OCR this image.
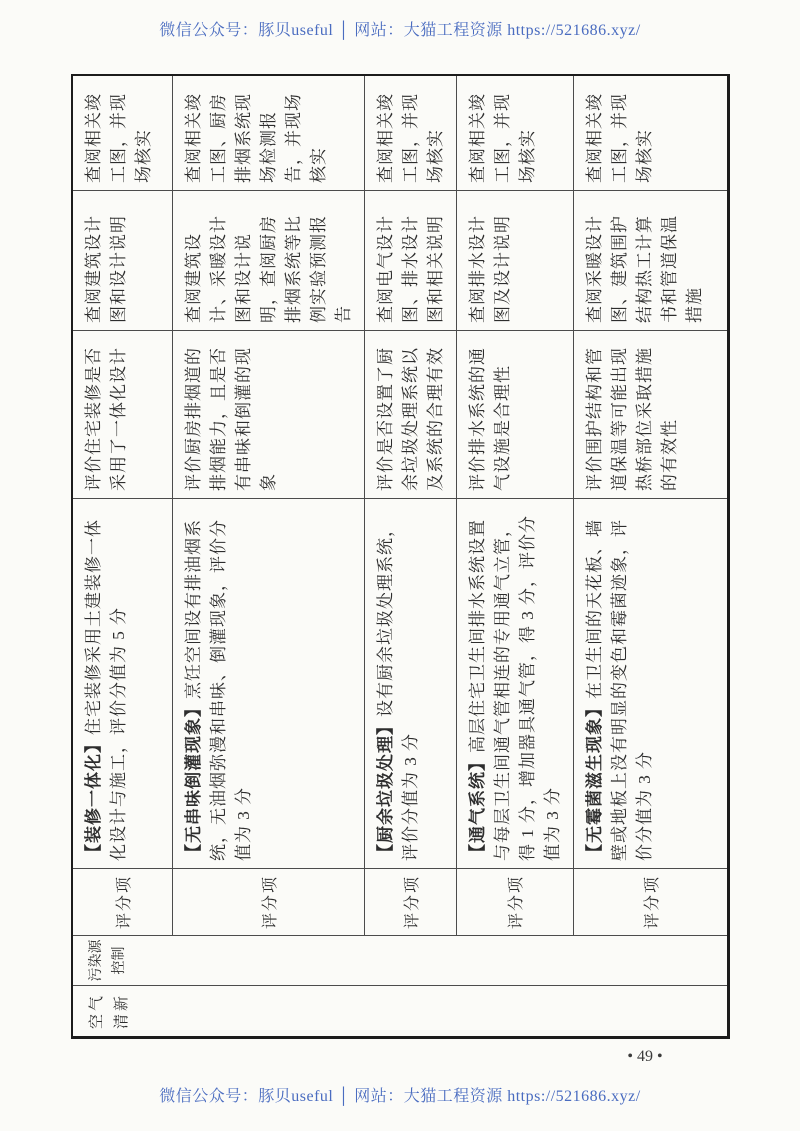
微信公众号：豚贝useful │ 网站：大猫工程资源 https://521686.xyz/
空气清新	污染源控制	评分项	【装修一体化】住宅装修采用土建装修一体化设计与施工，评价分值为 5 分	评价住宅装修是否采用了一体化设计	查阅建筑设计图和设计说明	查阅相关竣工图，并现场核实
		评分项	【无串味倒灌现象】烹饪空间设有排油烟系统，无油烟弥漫和串味、倒灌现象，评价分值为 3 分	评价厨房排烟道的排烟能力，且是否有串味和倒灌的现象	查阅建筑设计、采暖设计图和设计说明，查阅厨房排烟系统等比例实验预测报告	查阅相关竣工图、厨房排烟系统现场检测报告，并现场核实
		评分项	【厨余垃圾处理】设有厨余垃圾处理系统，评价分值为 3 分	评价是否设置了厨余垃圾处理系统以及系统的合理有效	查阅电气设计图、排水设计图和相关说明	查阅相关竣工图，并现场核实
		评分项	【通气系统】高层住宅卫生间排水系统设置与每层卫生间通气管相连的专用通气立管，得 1 分，增加器具通气管，得 3 分，评价分值为 3 分	评价排水系统的通气设施是合理性	查阅排水设计图及设计说明	查阅相关竣工图，并现场核实
		评分项	【无霉菌滋生现象】在卫生间的天花板、墙壁或地板上没有明显的变色和霉菌迹象，评价分值为 3 分	评价围护结构和管道保温等可能出现热桥部位采取措施的有效性	查阅采暖设计图、建筑围护结构热工计算书和管道保温措施	查阅相关竣工图，并现场核实
• 49 •
微信公众号：豚贝useful │ 网站：大猫工程资源 https://521686.xyz/
